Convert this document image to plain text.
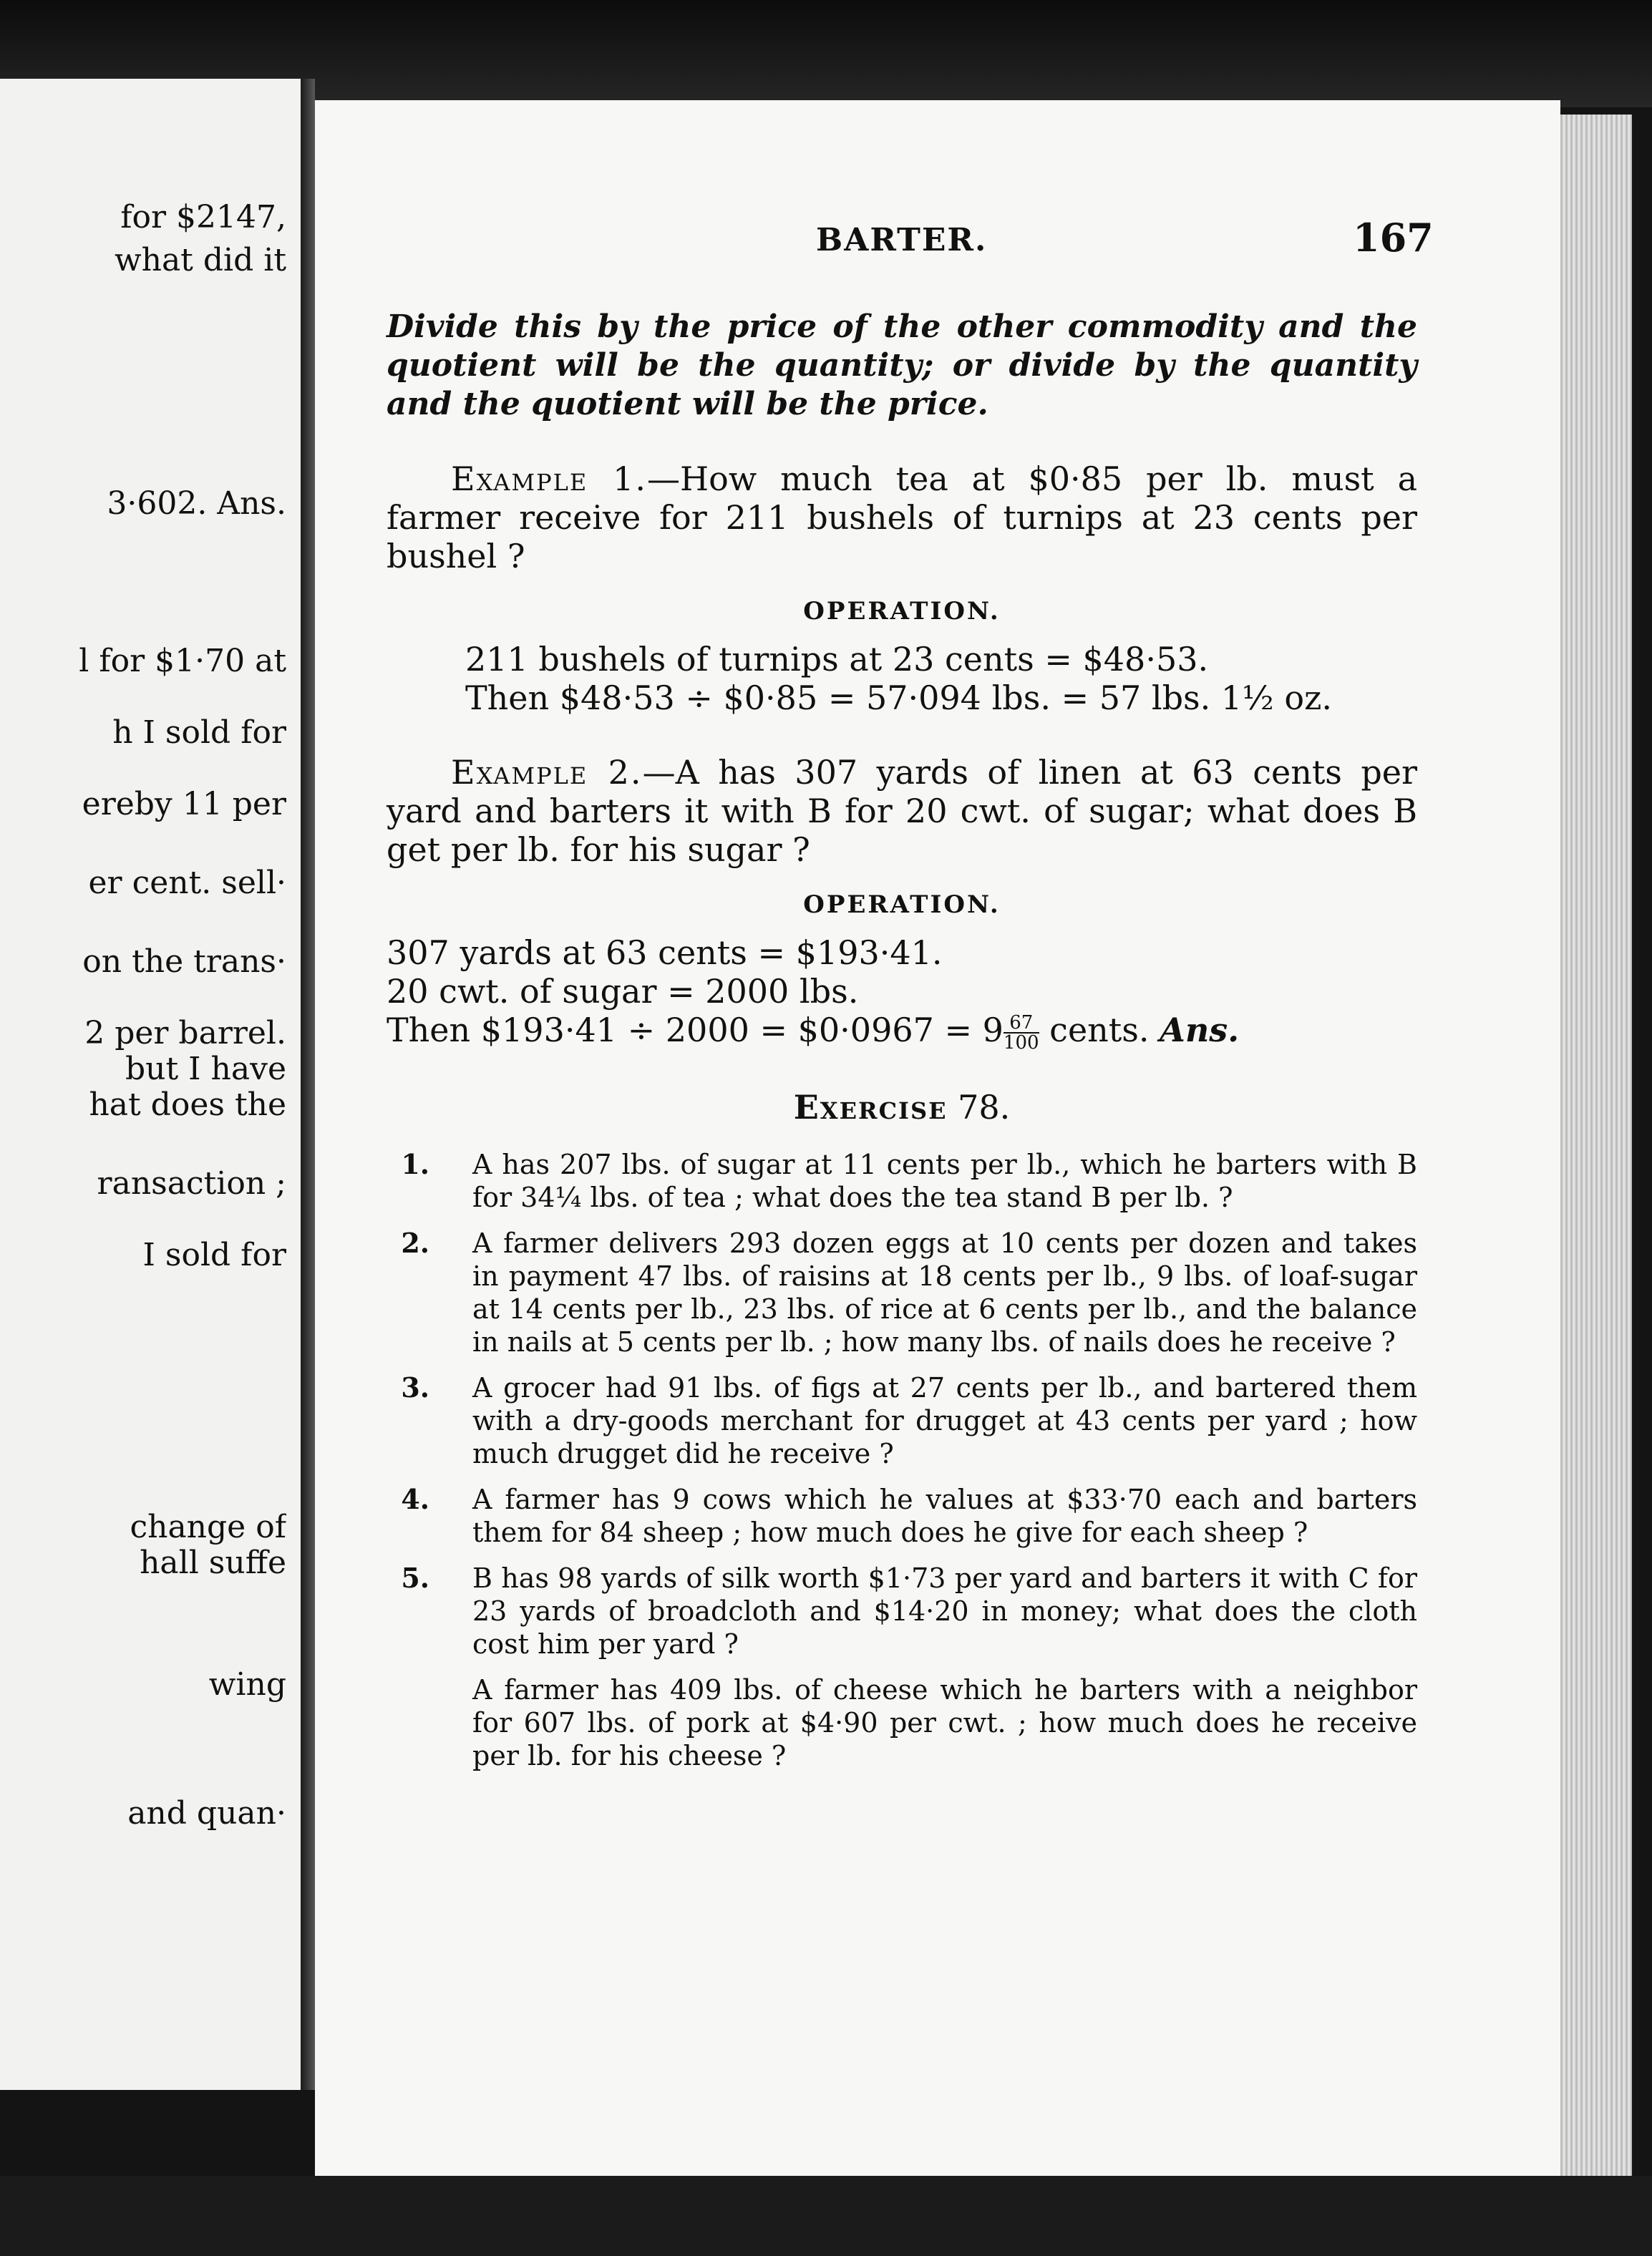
for $2147,
what did it
3·602. Ans.
l for $1·70 at
h I sold for
ereby 11 per
er cent. sell·
on the trans·
2 per barrel.
but I have
hat does the
ransaction ;
I sold for
change of
hall suffe
wing
and quan·
BARTER.	167

Divide this by the price of the other commodity and the quotient will be the quantity; or divide by the quantity and the quotient will be the price.

Example 1.—How much tea at $0·85 per lb. must a farmer receive for 211 bushels of turnips at 23 cents per bushel ?

OPERATION.
211 bushels of turnips at 23 cents = $48·53.
Then $48·53 ÷ $0·85 = 57·094 lbs. = 57 lbs. 1½ oz.

Example 2.—A has 307 yards of linen at 63 cents per yard and barters it with B for 20 cwt. of sugar; what does B get per lb. for his sugar ?

OPERATION.
307 yards at 63 cents = $193·41.
20 cwt. of sugar = 2000 lbs.
Then $193·41 ÷ 2000 = $0·0967 = $9 \frac{67}{100}$ cents. Ans.
Exercise 78.
1. A has 207 lbs. of sugar at 11 cents per lb., which he barters with B for 34¼ lbs. of tea ; what does the tea stand B per lb. ?
2. A farmer delivers 293 dozen eggs at 10 cents per dozen and takes in payment 47 lbs. of raisins at 18 cents per lb., 9 lbs. of loaf-sugar at 14 cents per lb., 23 lbs. of rice at 6 cents per lb., and the balance in nails at 5 cents per lb. ; how many lbs. of nails does he receive ?
3. A grocer had 91 lbs. of figs at 27 cents per lb., and bartered them with a dry-goods merchant for drugget at 43 cents per yard ; how much drugget did he receive ?
4. A farmer has 9 cows which he values at $33·70 each and barters them for 84 sheep ; how much does he give for each sheep ?
5. B has 98 yards of silk worth $1·73 per yard and barters it with C for 23 yards of broadcloth and $14·20 in money; what does the cloth cost him per yard ?
A farmer has 409 lbs. of cheese which he barters with a neighbor for 607 lbs. of pork at $4·90 per cwt. ; how much does he receive per lb. for his cheese ?
